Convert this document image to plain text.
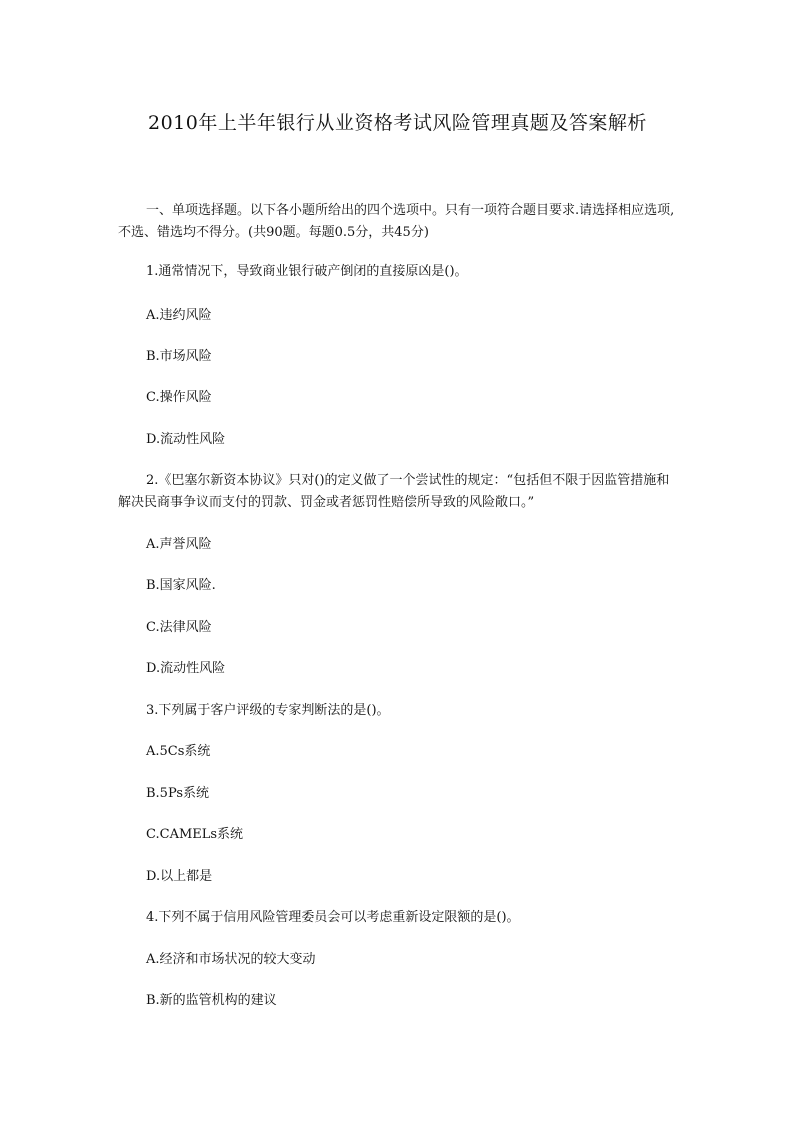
2010年上半年银行从业资格考试风险管理真题及答案解析

一、单项选择题。以下各小题所给出的四个选项中。只有一项符合题目要求.请选择相应选项,不选、错选均不得分。(共90题。每题0.5分，共45分)

1.通常情况下，导致商业银行破产倒闭的直接原凶是()。

A.违约风险

B.市场风险

C.操作风险

D.流动性风险

2.《巴塞尔新资本协议》只对()的定义做了一个尝试性的规定：“包括但不限于因监管措施和解决民商事争议而支付的罚款、罚金或者惩罚性赔偿所导致的风险敞口。”

A.声誉风险

B.国家风险.

C.法律风险

D.流动性风险

3.下列属于客户评级的专家判断法的是()。

A.5Cs系统

B.5Ps系统

C.CAMELs系统

D.以上都是

4.下列不属于信用风险管理委员会可以考虑重新设定限额的是()。

A.经济和市场状况的较大变动

B.新的监管机构的建议
